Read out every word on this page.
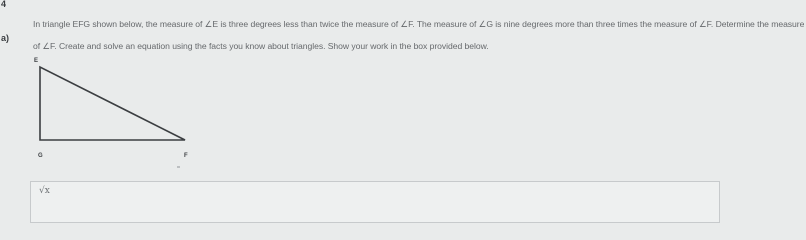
4
a)
In triangle EFG shown below, the measure of ∠E is three degrees less than twice the measure of ∠F. The measure of ∠G is nine degrees more than three times the measure of ∠F. Determine the measure
of ∠F. Create and solve an equation using the facts you know about triangles. Show your work in the box provided below.
E
G	F
√x
